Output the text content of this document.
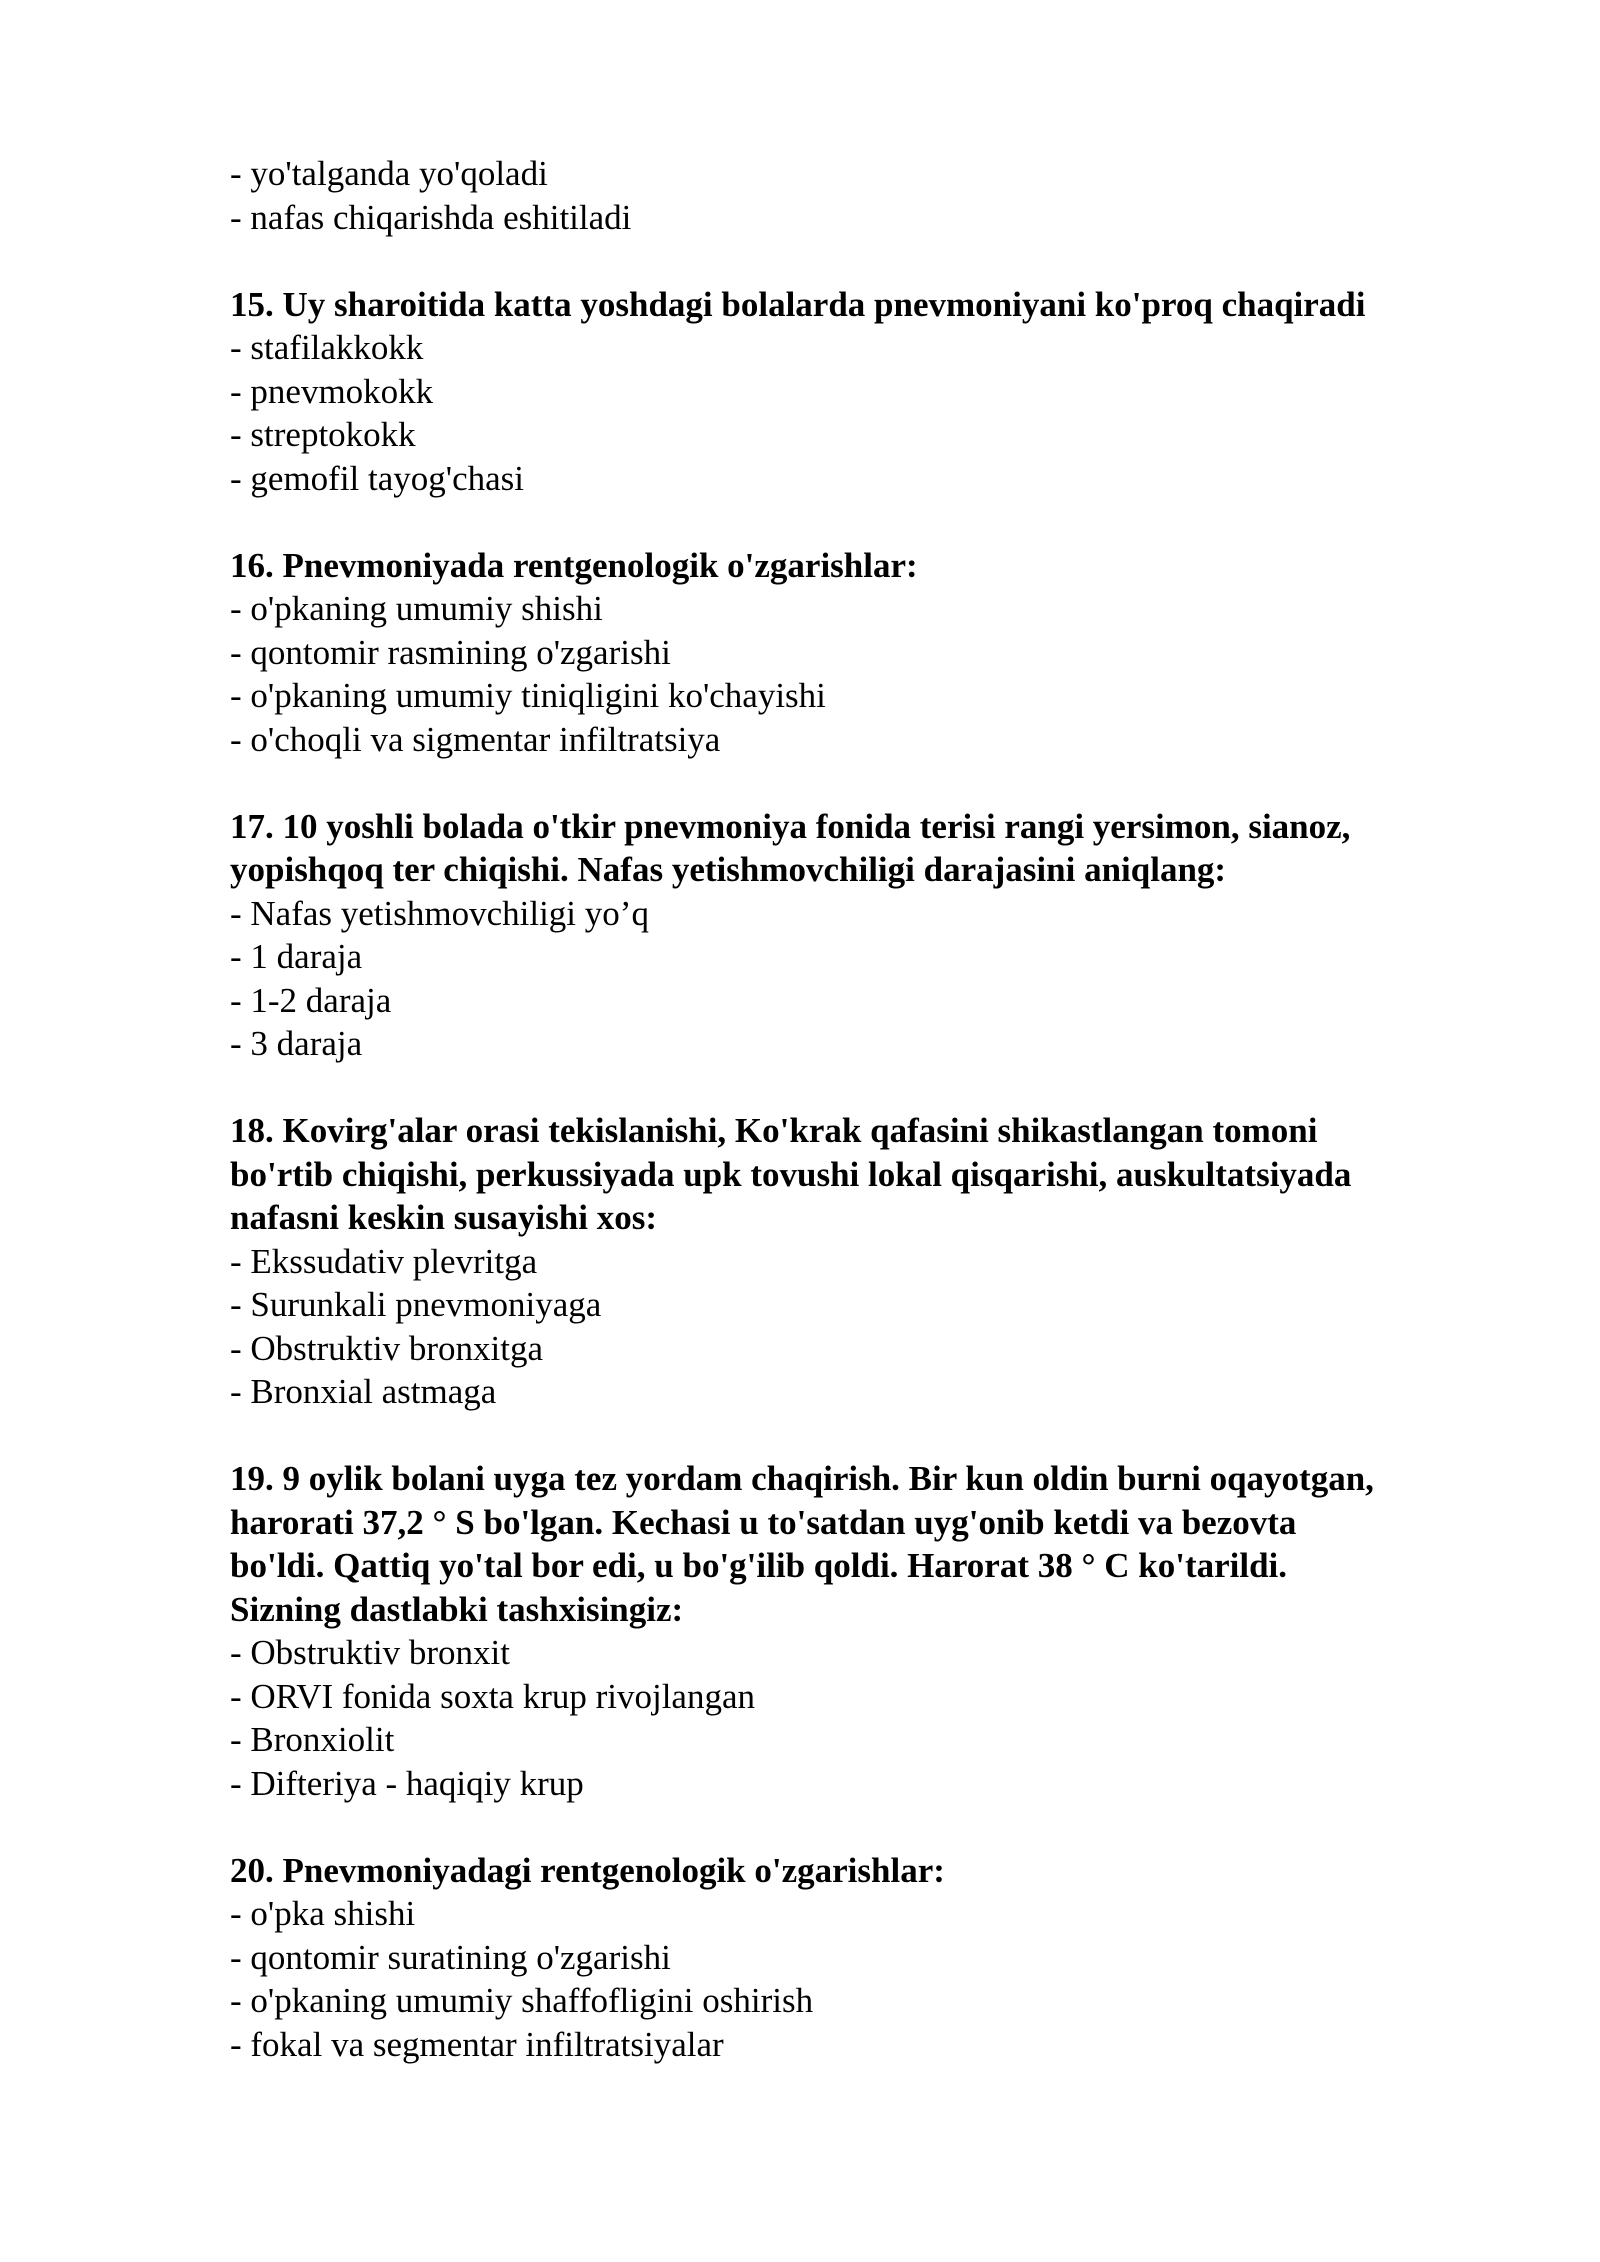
- yo'talganda yo'qoladi
- nafas chiqarishda eshitiladi
15. Uy sharoitida katta yoshdagi bolalarda pnevmoniyani ko'proq chaqiradi
- stafilakkokk
- pnevmokokk
- streptokokk
- gemofil tayog'chasi
16. Pnevmoniyada rentgenologik o'zgarishlar:
- o'pkaning umumiy shishi
- qontomir rasmining o'zgarishi
- o'pkaning umumiy tiniqligini ko'chayishi
- o'choqli va sigmentar infiltratsiya
17. 10 yoshli bolada o'tkir pnevmoniya fonida terisi rangi yersimon, sianoz,
yopishqoq ter chiqishi. Nafas yetishmovchiligi darajasini aniqlang:
- Nafas yetishmovchiligi yo’q
- 1 daraja
- 1-2 daraja
- 3 daraja
18. Kovirg'alar orasi tekislanishi, Ko'krak qafasini shikastlangan tomoni
bo'rtib chiqishi, perkussiyada upk tovushi lokal qisqarishi, auskultatsiyada
nafasni keskin susayishi xos:
- Ekssudativ plevritga
- Surunkali pnevmoniyaga
- Obstruktiv bronxitga
- Bronxial astmaga
19. 9 oylik bolani uyga tez yordam chaqirish. Bir kun oldin burni oqayotgan,
harorati 37,2 ° S bo'lgan. Kechasi u to'satdan uyg'onib ketdi va bezovta
bo'ldi. Qattiq yo'tal bor edi, u bo'g'ilib qoldi. Harorat 38 ° C ko'tarildi.
Sizning dastlabki tashxisingiz:
- Obstruktiv bronxit
- ORVI fonida soxta krup rivojlangan
- Bronxiolit
- Difteriya - haqiqiy krup
20. Pnevmoniyadagi rentgenologik o'zgarishlar:
- o'pka shishi
- qontomir suratining o'zgarishi
- o'pkaning umumiy shaffofligini oshirish
- fokal va segmentar infiltratsiyalar
